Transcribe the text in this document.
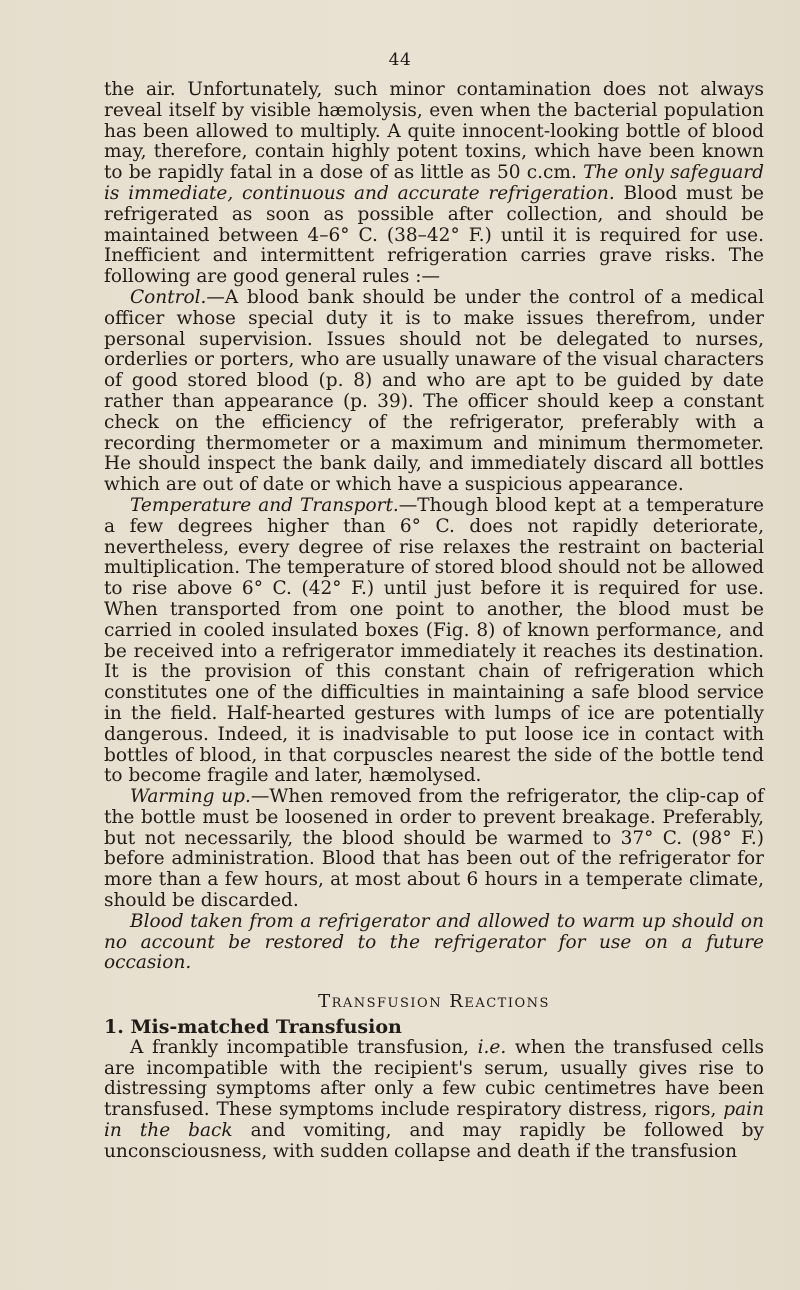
44

the air. Unfortunately, such minor contamination does not always reveal itself by visible hæmolysis, even when the bacterial population has been allowed to multiply. A quite innocent-looking bottle of blood may, therefore, contain highly potent toxins, which have been known to be rapidly fatal in a dose of as little as 50 c.cm. The only safeguard is immediate, continuous and accurate refrigeration. Blood must be refrigerated as soon as possible after collection, and should be maintained between 4–6° C. (38–42° F.) until it is required for use. Inefficient and intermittent refrigeration carries grave risks. The following are good general rules :—

Control.—A blood bank should be under the control of a medical officer whose special duty it is to make issues therefrom, under personal supervision. Issues should not be delegated to nurses, orderlies or porters, who are usually unaware of the visual characters of good stored blood (p. 8) and who are apt to be guided by date rather than appearance (p. 39). The officer should keep a constant check on the efficiency of the refrigerator, preferably with a recording thermometer or a maximum and minimum thermometer. He should inspect the bank daily, and immediately discard all bottles which are out of date or which have a suspicious appearance.

Temperature and Transport.—Though blood kept at a temperature a few degrees higher than 6° C. does not rapidly deteriorate, nevertheless, every degree of rise relaxes the restraint on bacterial multiplication. The temperature of stored blood should not be allowed to rise above 6° C. (42° F.) until just before it is required for use. When transported from one point to another, the blood must be carried in cooled insulated boxes (Fig. 8) of known performance, and be received into a refrigerator immediately it reaches its destination. It is the provision of this constant chain of refrigeration which constitutes one of the difficulties in maintaining a safe blood service in the field. Half-hearted gestures with lumps of ice are potentially dangerous. Indeed, it is inadvisable to put loose ice in contact with bottles of blood, in that corpuscles nearest the side of the bottle tend to become fragile and later, hæmolysed.

Warming up.—When removed from the refrigerator, the clip-cap of the bottle must be loosened in order to prevent breakage. Preferably, but not necessarily, the blood should be warmed to 37° C. (98° F.) before administration. Blood that has been out of the refrigerator for more than a few hours, at most about 6 hours in a temperate climate, should be discarded.

Blood taken from a refrigerator and allowed to warm up should on no account be restored to the refrigerator for use on a future occasion.

Transfusion Reactions

1. Mis-matched Transfusion

A frankly incompatible transfusion, i.e. when the transfused cells are incompatible with the recipient's serum, usually gives rise to distressing symptoms after only a few cubic centimetres have been transfused. These symptoms include respiratory distress, rigors, pain in the back and vomiting, and may rapidly be followed by unconsciousness, with sudden collapse and death if the transfusion
